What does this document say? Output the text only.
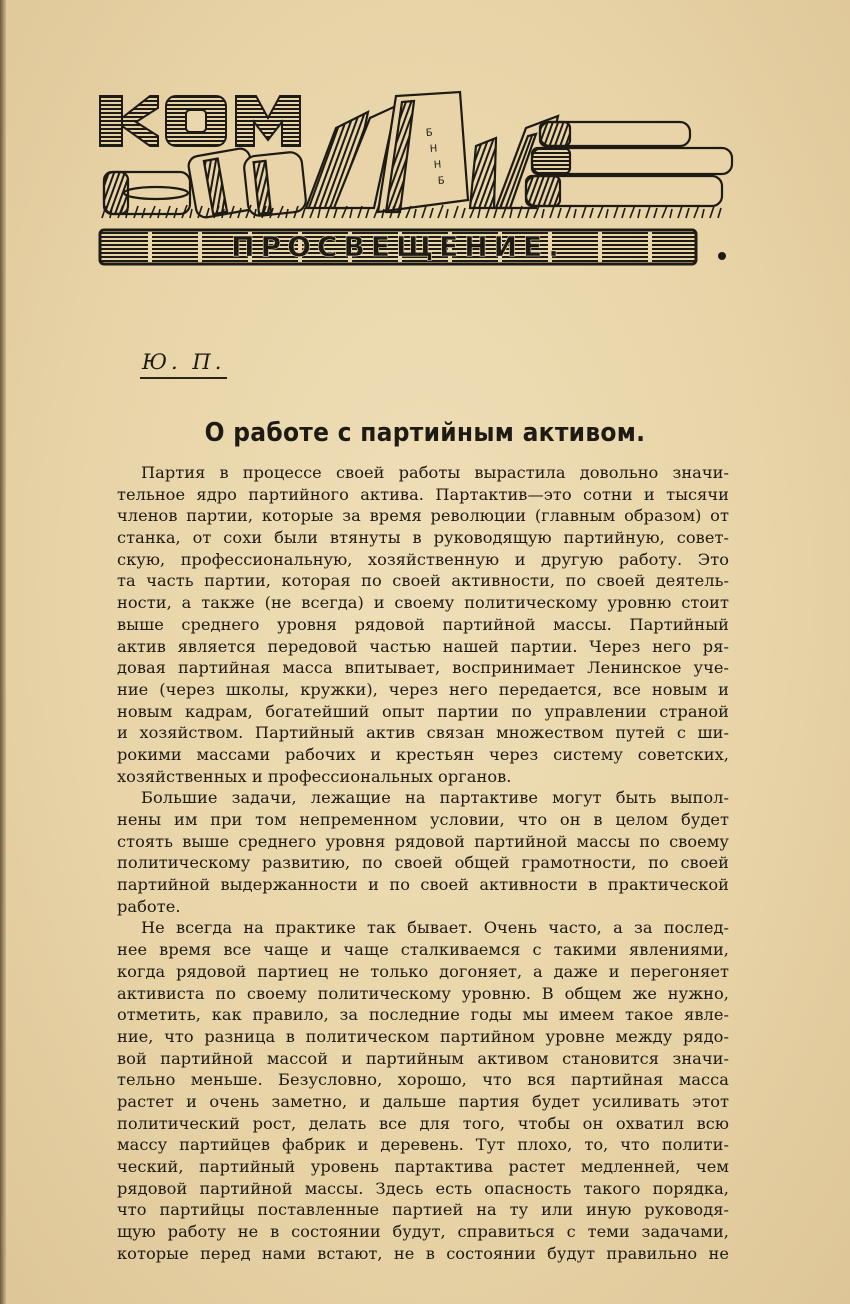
Б
Н
Н
Б
ПРОСВЕЩЕНИЕ.
КОМ
Ю. П.
О работе с партийным активом.
Партия в процессе своей работы вырастила довольно значи-
тельное ядро партийного актива. Партактив—это сотни и тысячи
членов партии, которые за время революции (главным образом) от
станка, от сохи были втянуты в руководящую партийную, совет-
скую, профессиональную, хозяйственную и другую работу. Это
та часть партии, которая по своей активности, по своей деятель-
ности, а также (не всегда) и своему политическому уровню стоит
выше среднего уровня рядовой партийной массы. Партийный
актив является передовой частью нашей партии. Через него ря-
довая партийная масса впитывает, воспринимает Ленинское уче-
ние (через школы, кружки), через него передается, все новым и
новым кадрам, богатейший опыт партии по управлении страной
и хозяйством. Партийный актив связан множеством путей с ши-
рокими массами рабочих и крестьян через систему советских,
хозяйственных и профессиональных органов.
Большие задачи, лежащие на партактиве могут быть выпол-
нены им при том непременном условии, что он в целом будет
стоять выше среднего уровня рядовой партийной массы по своему
политическому развитию, по своей общей грамотности, по своей
партийной выдержанности и по своей активности в практической
работе.
Не всегда на практике так бывает. Очень часто, а за послед-
нее время все чаще и чаще сталкиваемся с такими явлениями,
когда рядовой партиец не только догоняет, а даже и перегоняет
активиста по своему политическому уровню. В общем же нужно,
отметить, как правило, за последние годы мы имеем такое явле-
ние, что разница в политическом партийном уровне между рядо-
вой партийной массой и партийным активом становится значи-
тельно меньше. Безусловно, хорошо, что вся партийная масса
растет и очень заметно, и дальше партия будет усиливать этот
политический рост, делать все для того, чтобы он охватил всю
массу партийцев фабрик и деревень. Тут плохо, то, что полити-
ческий, партийный уровень партактива растет медленней, чем
рядовой партийной массы. Здесь есть опасность такого порядка,
что партийцы поставленные партией на ту или иную руководя-
щую работу не в состоянии будут, справиться с теми задачами,
которые перед нами встают, не в состоянии будут правильно не
